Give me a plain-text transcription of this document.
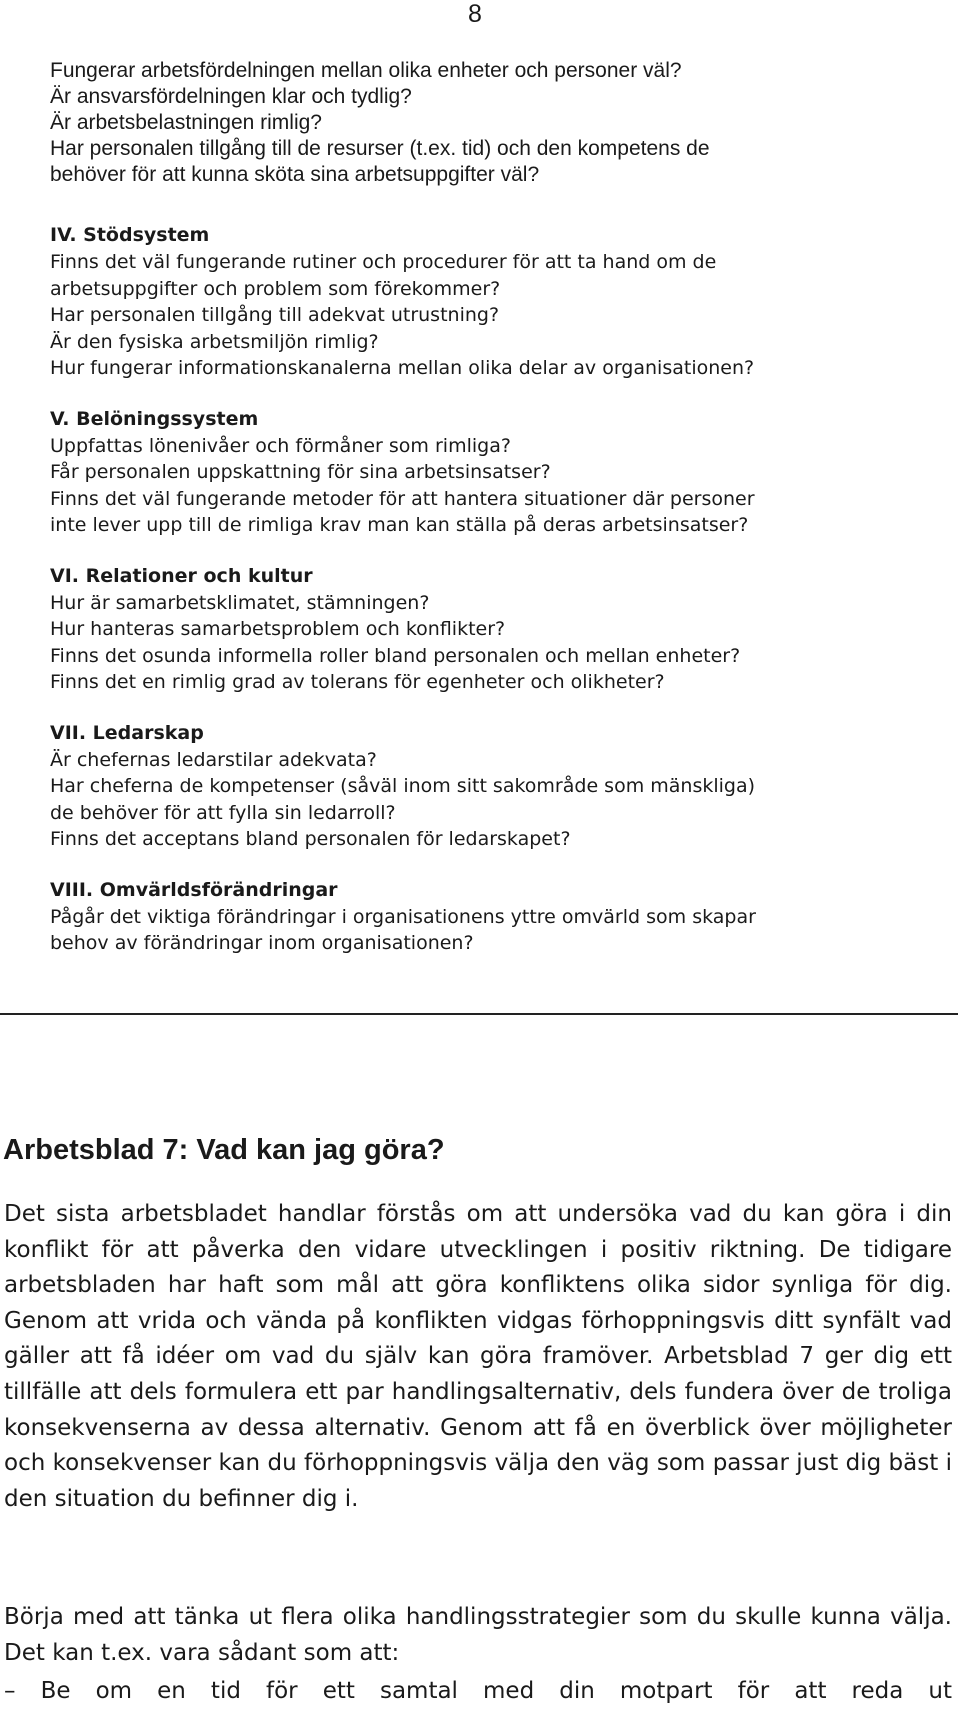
8
Fungerar arbetsfördelningen mellan olika enheter och personer väl?
Är ansvarsfördelningen klar och tydlig?
Är arbetsbelastningen rimlig?
Har personalen tillgång till de resurser (t.ex. tid) och den kompetens de
behöver för att kunna sköta sina arbetsuppgifter väl?
IV. Stödsystem
Finns det väl fungerande rutiner och procedurer för att ta hand om de
arbetsuppgifter och problem som förekommer?
Har personalen tillgång till adekvat utrustning?
Är den fysiska arbetsmiljön rimlig?
Hur fungerar informationskanalerna mellan olika delar av organisationen?
V. Belöningssystem
Uppfattas lönenivåer och förmåner som rimliga?
Får personalen uppskattning för sina arbetsinsatser?
Finns det väl fungerande metoder för att hantera situationer där personer
inte lever upp till de rimliga krav man kan ställa på deras arbetsinsatser?
VI. Relationer och kultur
Hur är samarbetsklimatet, stämningen?
Hur hanteras samarbetsproblem och konflikter?
Finns det osunda informella roller bland personalen och mellan enheter?
Finns det en rimlig grad av tolerans för egenheter och olikheter?
VII. Ledarskap
Är chefernas ledarstilar adekvata?
Har cheferna de kompetenser (såväl inom sitt sakområde som mänskliga)
de behöver för att fylla sin ledarroll?
Finns det acceptans bland personalen för ledarskapet?
VIII. Omvärldsförändringar
Pågår det viktiga förändringar i organisationens yttre omvärld som skapar
behov av förändringar inom organisationen?
Arbetsblad 7: Vad kan jag göra?

Det sista arbetsbladet handlar förstås om att undersöka vad du kan göra i din konflikt för att påverka den vidare utvecklingen i positiv riktning. De tidigare arbetsbladen har haft som mål att göra konfliktens olika sidor synliga för dig. Genom att vrida och vända på konflikten vidgas förhoppningsvis ditt synfält vad gäller att få idéer om vad du själv kan göra framöver. Arbetsblad 7 ger dig ett tillfälle att dels formulera ett par handlingsalternativ, dels fundera över de troliga konsekvenserna av dessa alternativ. Genom att få en överblick över möjligheter och konsekvenser kan du förhoppningsvis välja den väg som passar just dig bäst i den situation du befinner dig i.

Börja med att tänka ut flera olika handlingsstrategier som du skulle kunna välja. Det kan t.ex. vara sådant som att:

– Be om en tid för ett samtal med din motpart för att reda ut
